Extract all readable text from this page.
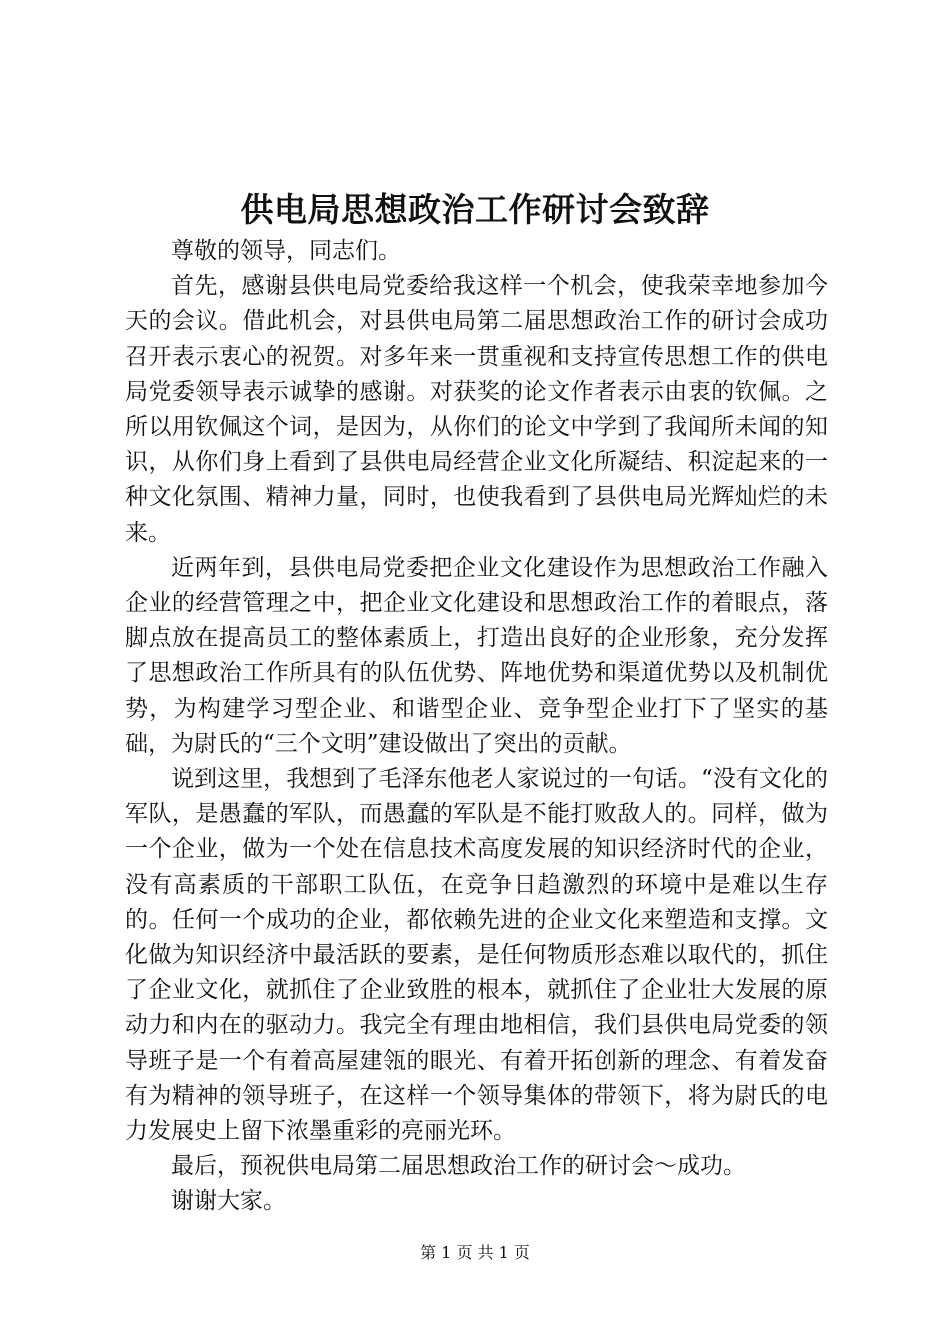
供电局思想政治工作研讨会致辞

尊敬的领导，同志们。

首先，感谢县供电局党委给我这样一个机会，使我荣幸地参加今天的会议。借此机会，对县供电局第二届思想政治工作的研讨会成功召开表示衷心的祝贺。对多年来一贯重视和支持宣传思想工作的供电局党委领导表示诚挚的感谢。对获奖的论文作者表示由衷的钦佩。之所以用钦佩这个词，是因为，从你们的论文中学到了我闻所未闻的知识，从你们身上看到了县供电局经营企业文化所凝结、积淀起来的一种文化氛围、精神力量，同时，也使我看到了县供电局光辉灿烂的未来。

近两年到，县供电局党委把企业文化建设作为思想政治工作融入企业的经营管理之中，把企业文化建设和思想政治工作的着眼点，落脚点放在提高员工的整体素质上，打造出良好的企业形象，充分发挥了思想政治工作所具有的队伍优势、阵地优势和渠道优势以及机制优势，为构建学习型企业、和谐型企业、竞争型企业打下了坚实的基础，为尉氏的“三个文明”建设做出了突出的贡献。

说到这里，我想到了毛泽东他老人家说过的一句话。“没有文化的军队，是愚蠢的军队，而愚蠢的军队是不能打败敌人的。同样，做为一个企业，做为一个处在信息技术高度发展的知识经济时代的企业，没有高素质的干部职工队伍，在竞争日趋激烈的环境中是难以生存的。任何一个成功的企业，都依赖先进的企业文化来塑造和支撑。文化做为知识经济中最活跃的要素，是任何物质形态难以取代的，抓住了企业文化，就抓住了企业致胜的根本，就抓住了企业壮大发展的原动力和内在的驱动力。我完全有理由地相信，我们县供电局党委的领导班子是一个有着高屋建瓴的眼光、有着开拓创新的理念、有着发奋有为精神的领导班子，在这样一个领导集体的带领下，将为尉氏的电力发展史上留下浓墨重彩的亮丽光环。

最后，预祝供电局第二届思想政治工作的研讨会～成功。

谢谢大家。

第 1 页 共 1 页
